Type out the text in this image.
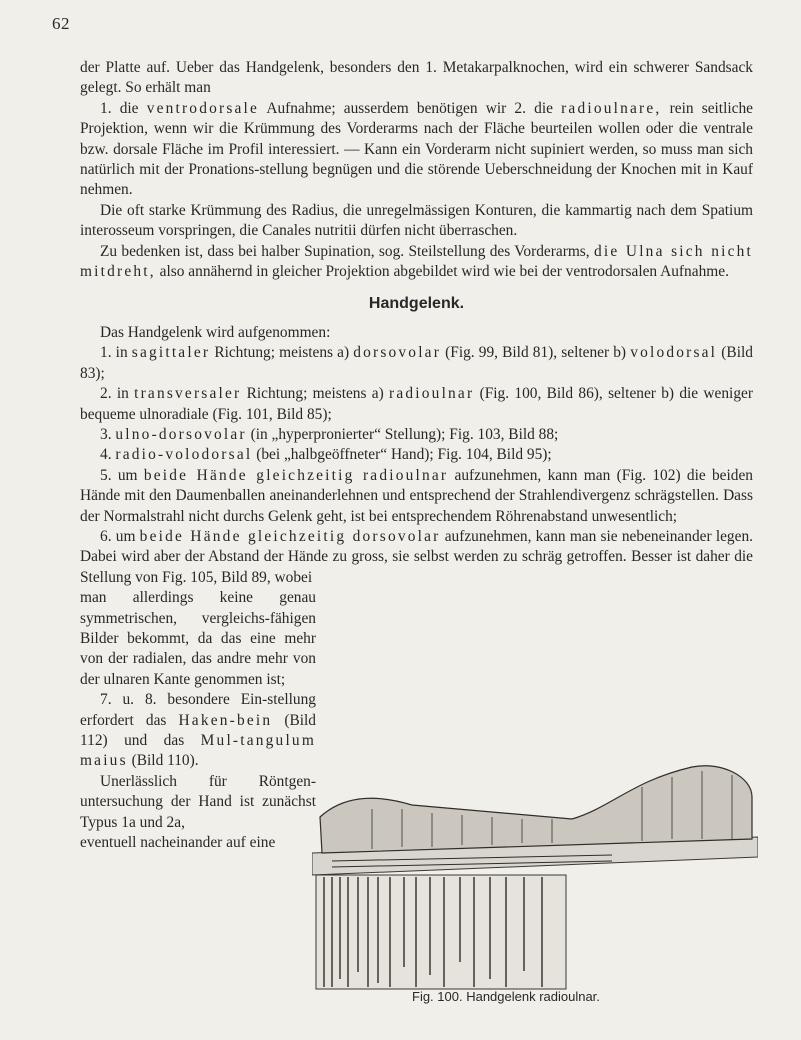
62

der Platte auf. Ueber das Handgelenk, besonders den 1. Metakarpalknochen, wird ein schwerer Sandsack gelegt. So erhält man

1. die ventrodorsale Aufnahme; ausserdem benötigen wir 2. die radioulnare, rein seitliche Projektion, wenn wir die Krümmung des Vorderarms nach der Fläche beurteilen wollen oder die ventrale bzw. dorsale Fläche im Profil interessiert. — Kann ein Vorderarm nicht supiniert werden, so muss man sich natürlich mit der Pronations-stellung begnügen und die störende Ueberschneidung der Knochen mit in Kauf nehmen.

Die oft starke Krümmung des Radius, die unregelmässigen Konturen, die kammartig nach dem Spatium interosseum vorspringen, die Canales nutritii dürfen nicht überraschen.

Zu bedenken ist, dass bei halber Supination, sog. Steilstellung des Vorderarms, die Ulna sich nicht mitdreht, also annähernd in gleicher Projektion abgebildet wird wie bei der ventrodorsalen Aufnahme.

Handgelenk.

Das Handgelenk wird aufgenommen:

1. in sagittaler Richtung; meistens a) dorsovolar (Fig. 99, Bild 81), seltener b) volodorsal (Bild 83);

2. in transversaler Richtung; meistens a) radioulnar (Fig. 100, Bild 86), seltener b) die weniger bequeme ulnoradiale (Fig. 101, Bild 85);

3. ulno-dorsovolar (in „hyperpronierter“ Stellung); Fig. 103, Bild 88;

4. radio-volodorsal (bei „halbgeöffneter“ Hand); Fig. 104, Bild 95);

5. um beide Hände gleichzeitig radioulnar aufzunehmen, kann man (Fig. 102) die beiden Hände mit den Daumenballen aneinanderlehnen und entsprechend der Strahlendivergenz schrägstellen. Dass der Normalstrahl nicht durchs Gelenk geht, ist bei entsprechendem Röhrenabstand unwesentlich;

6. um beide Hände gleichzeitig dorsovolar aufzunehmen, kann man sie nebeneinander legen. Dabei wird aber der Abstand der Hände zu gross, sie selbst werden zu schräg getroffen. Besser ist daher die Stellung von Fig. 105, Bild 89, wobei

man allerdings keine genau symmetrischen, vergleichs-fähigen Bilder bekommt, da das eine mehr von der radialen, das andre mehr von der ulnaren Kante genommen ist;

7. u. 8. besondere Ein-stellung erfordert das Haken-bein (Bild 112) und das Mul-tangulum maius (Bild 110).

Unerlässlich für Röntgen-untersuchung der Hand ist zunächst Typus 1a und 2a,

eventuell nacheinander auf eine

Fig. 100. Handgelenk radioulnar.
